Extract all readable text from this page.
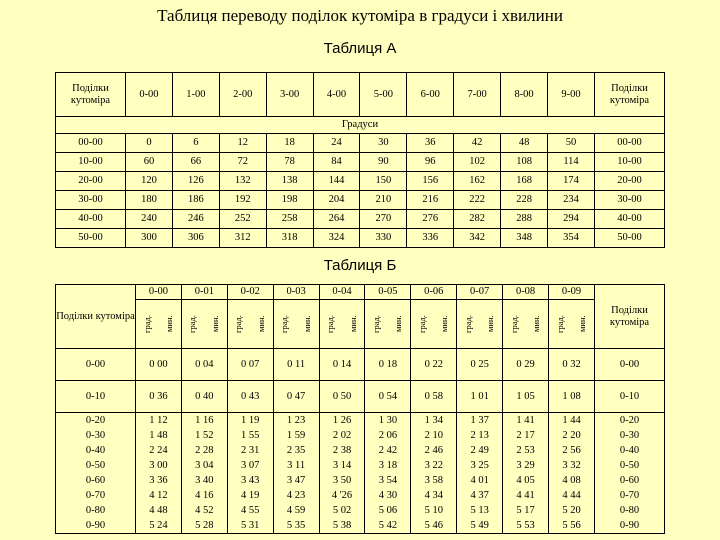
Таблиця переводу поділок кутоміра в градуси і хвилини
Таблиця А
Поділки кутоміра	0-00	1-00	2-00	3-00	4-00	5-00	6-00	7-00	8-00	9-00	Поділки кутоміра
Градуси											
00-00	0	6	12	18	24	30	36	42	48	50	00-00
10-00	60	66	72	78	84	90	96	102	108	114	10-00
20-00	120	126	132	138	144	150	156	162	168	174	20-00
30-00	180	186	192	198	204	210	216	222	228	234	30-00
40-00	240	246	252	258	264	270	276	282	288	294	40-00
50-00	300	306	312	318	324	330	336	342	348	354	50-00
Таблиця Б
Поділки кутоміра	0-00	0-01	0-02	0-03	0-04	0-05	0-06	0-07	0-08	0-09	Поділки кутоміра

	град. мин.	град. мин.	град. мин.	град. мин.	град. мин.	град. мин.	град. мин.	град. мин.	град. мин.	град. мин.	

0-00	0 00	0 04	0 07	0 11	0 14	0 18	0 22	0 25	0 29	0 32	0-00
0-10	0 36	0 40	0 43	0 47	0 50	0 54	0 58	1 01	1 05	1 08	0-10
0-20	1 12	1 16	1 19	1 23	1 26	1 30	1 34	1 37	1 41	1 44	0-20
0-30	1 48	1 52	1 55	1 59	2 02	2 06	2 10	2 13	2 17	2 20	0-30
0-40	2 24	2 28	2 31	2 35	2 38	2 42	2 46	2 49	2 53	2 56	0-40
0-50	3 00	3 04	3 07	3 11	3 14	3 18	3 22	3 25	3 29	3 32	0-50
0-60	3 36	3 40	3 43	3 47	3 50	3 54	3 58	4 01	4 05	4 08	0-60
0-70	4 12	4 16	4 19	4 23	4 '26	4 30	4 34	4 37	4 41	4 44	0-70
0-80	4 48	4 52	4 55	4 59	5 02	5 06	5 10	5 13	5 17	5 20	0-80
0-90	5 24	5 28	5 31	5 35	5 38	5 42	5 46	5 49	5 53	5 56	0-90
